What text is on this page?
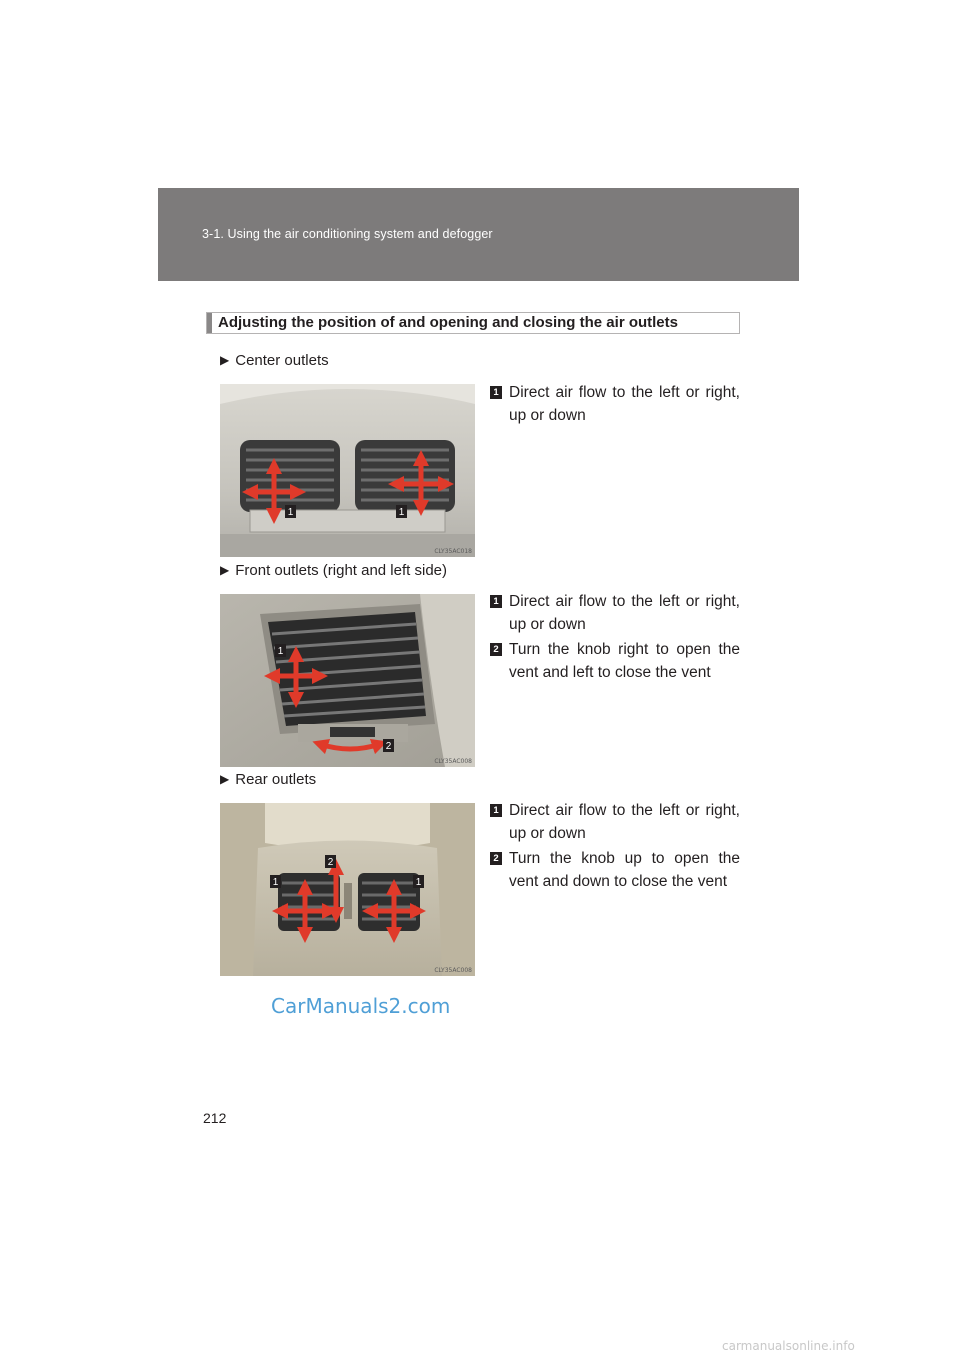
3-1. Using the air conditioning system and defogger
Adjusting the position of and opening and closing the air outlets
▶ Center outlets
1	1
CLY35AC018
1 Direct air flow to the left or right, up or down
▶ Front outlets (right and left side)
1
2
CLY35AC008
1 Direct air flow to the left or right, up or down
2 Turn the knob right to open the vent and left to close the vent
▶ Rear outlets
1
2
1
CLY35AC008
1 Direct air flow to the left or right, up or down
2 Turn the knob up to open the vent and down to close the vent
CarManuals2.com
212
carmanualsonline.info
